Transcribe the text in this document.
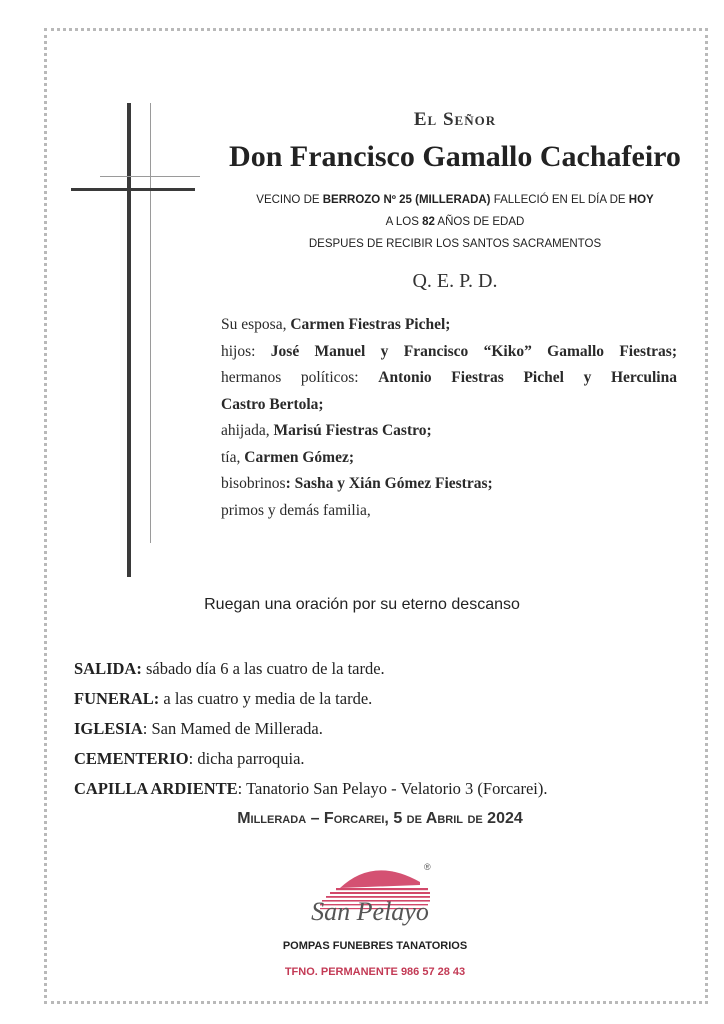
El Señor
Don Francisco Gamallo Cachafeiro
VECINO DE BERROZO Nº 25 (MILLERADA) FALLECIÓ EN EL DÍA DE HOY
A LOS 82 AÑOS DE EDAD
DESPUES DE RECIBIR LOS SANTOS SACRAMENTOS
Q. E. P. D.

Su esposa, Carmen Fiestras Pichel;

hijos: José Manuel y Francisco “Kiko” Gamallo Fiestras;

hermanos políticos: Antonio Fiestras Pichel y Herculina

Castro Bertola;

ahijada, Marisú Fiestras Castro;

tía, Carmen Gómez;

bisobrinos: Sasha y Xián Gómez Fiestras;

primos y demás familia,

Ruegan una oración por su eterno descanso

SALIDA: sábado día 6 a las cuatro de la tarde.

FUNERAL: a las cuatro y media de la tarde.

IGLESIA: San Mamed de Millerada.

CEMENTERIO: dicha parroquia.

CAPILLA ARDIENTE: Tanatorio San Pelayo - Velatorio 3 (Forcarei).

Millerada – Forcarei, 5 de Abril de 2024
®
San Pelayo
POMPAS FUNEBRES TANATORIOS
TFNO. PERMANENTE 986 57 28 43
